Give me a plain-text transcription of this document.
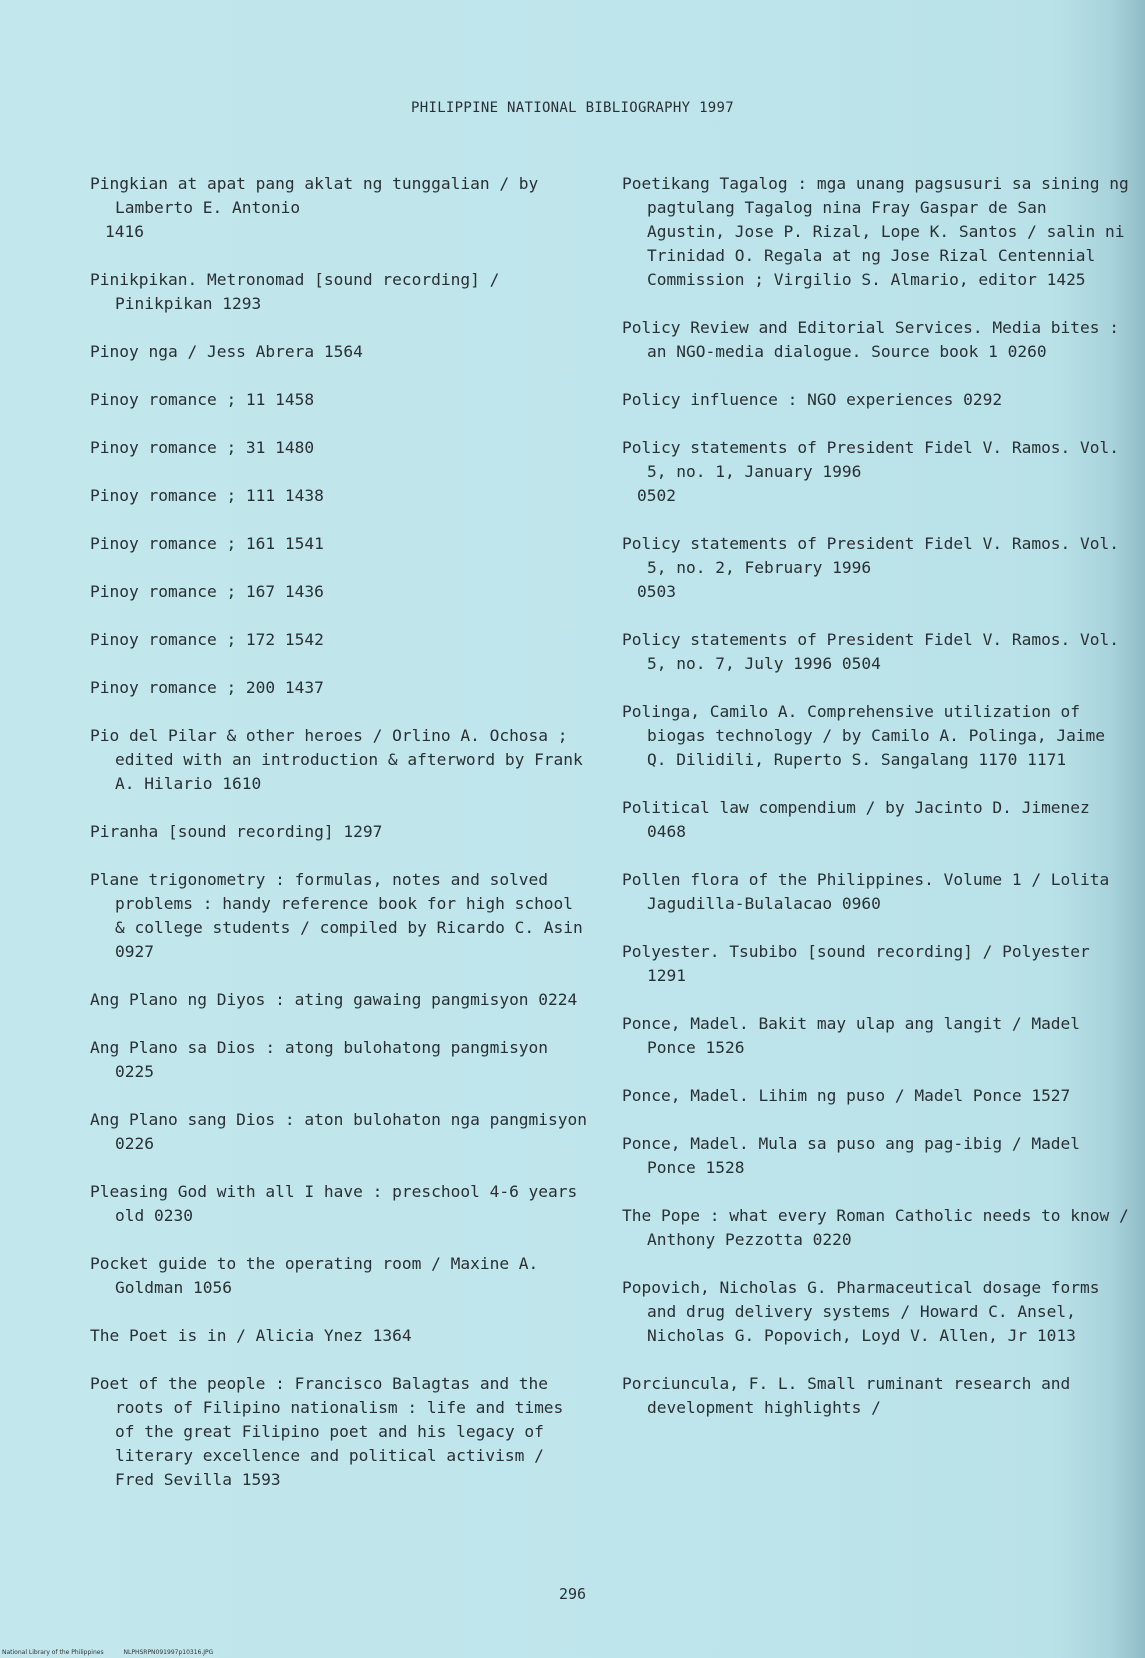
PHILIPPINE NATIONAL BIBLIOGRAPHY 1997
Pingkian at apat pang aklat ng tunggalian / by Lamberto E. Antonio
1416
Pinikpikan. Metronomad [sound recording] / Pinikpikan 1293
Pinoy nga / Jess Abrera 1564
Pinoy romance ; 11 1458
Pinoy romance ; 31 1480
Pinoy romance ; 111 1438
Pinoy romance ; 161 1541
Pinoy romance ; 167 1436
Pinoy romance ; 172 1542
Pinoy romance ; 200 1437
Pio del Pilar & other heroes / Orlino A. Ochosa ; edited with an introduction & afterword by Frank A. Hilario 1610
Piranha [sound recording] 1297
Plane trigonometry : formulas, notes and solved problems : handy reference book for high school & college students / compiled by Ricardo C. Asin 0927
Ang Plano ng Diyos : ating gawaing pangmisyon 0224
Ang Plano sa Dios : atong bulohatong pangmisyon 0225
Ang Plano sang Dios : aton bulohaton nga pangmisyon 0226
Pleasing God with all I have : preschool 4-6 years old 0230
Pocket guide to the operating room / Maxine A. Goldman 1056
The Poet is in / Alicia Ynez 1364
Poet of the people : Francisco Balagtas and the roots of Filipino nationalism : life and times of the great Filipino poet and his legacy of literary excellence and political activism / Fred Sevilla 1593
Poetikang Tagalog : mga unang pagsusuri sa sining ng pagtulang Tagalog nina Fray Gaspar de San Agustin, Jose P. Rizal, Lope K. Santos / salin ni Trinidad O. Regala at ng Jose Rizal Centennial Commission ; Virgilio S. Almario, editor 1425
Policy Review and Editorial Services. Media bites : an NGO-media dialogue. Source book 1 0260
Policy influence : NGO experiences 0292
Policy statements of President Fidel V. Ramos. Vol. 5, no. 1, January 1996
0502
Policy statements of President Fidel V. Ramos. Vol. 5, no. 2, February 1996
0503
Policy statements of President Fidel V. Ramos. Vol. 5, no. 7, July 1996 0504
Polinga, Camilo A. Comprehensive utilization of biogas technology / by Camilo A. Polinga, Jaime Q. Dilidili, Ruperto S. Sangalang 1170 1171
Political law compendium / by Jacinto D. Jimenez 0468
Pollen flora of the Philippines. Volume 1 / Lolita Jagudilla-Bulalacao 0960
Polyester. Tsubibo [sound recording] / Polyester 1291
Ponce, Madel. Bakit may ulap ang langit / Madel Ponce 1526
Ponce, Madel. Lihim ng puso / Madel Ponce 1527
Ponce, Madel. Mula sa puso ang pag-ibig / Madel Ponce 1528
The Pope : what every Roman Catholic needs to know / Anthony Pezzotta 0220
Popovich, Nicholas G. Pharmaceutical dosage forms and drug delivery systems / Howard C. Ansel, Nicholas G. Popovich, Loyd V. Allen, Jr 1013
Porciuncula, F. L. Small ruminant research and development highlights /
296
National Library of the Philippines	NLPHSRPN091997p10316.JPG
